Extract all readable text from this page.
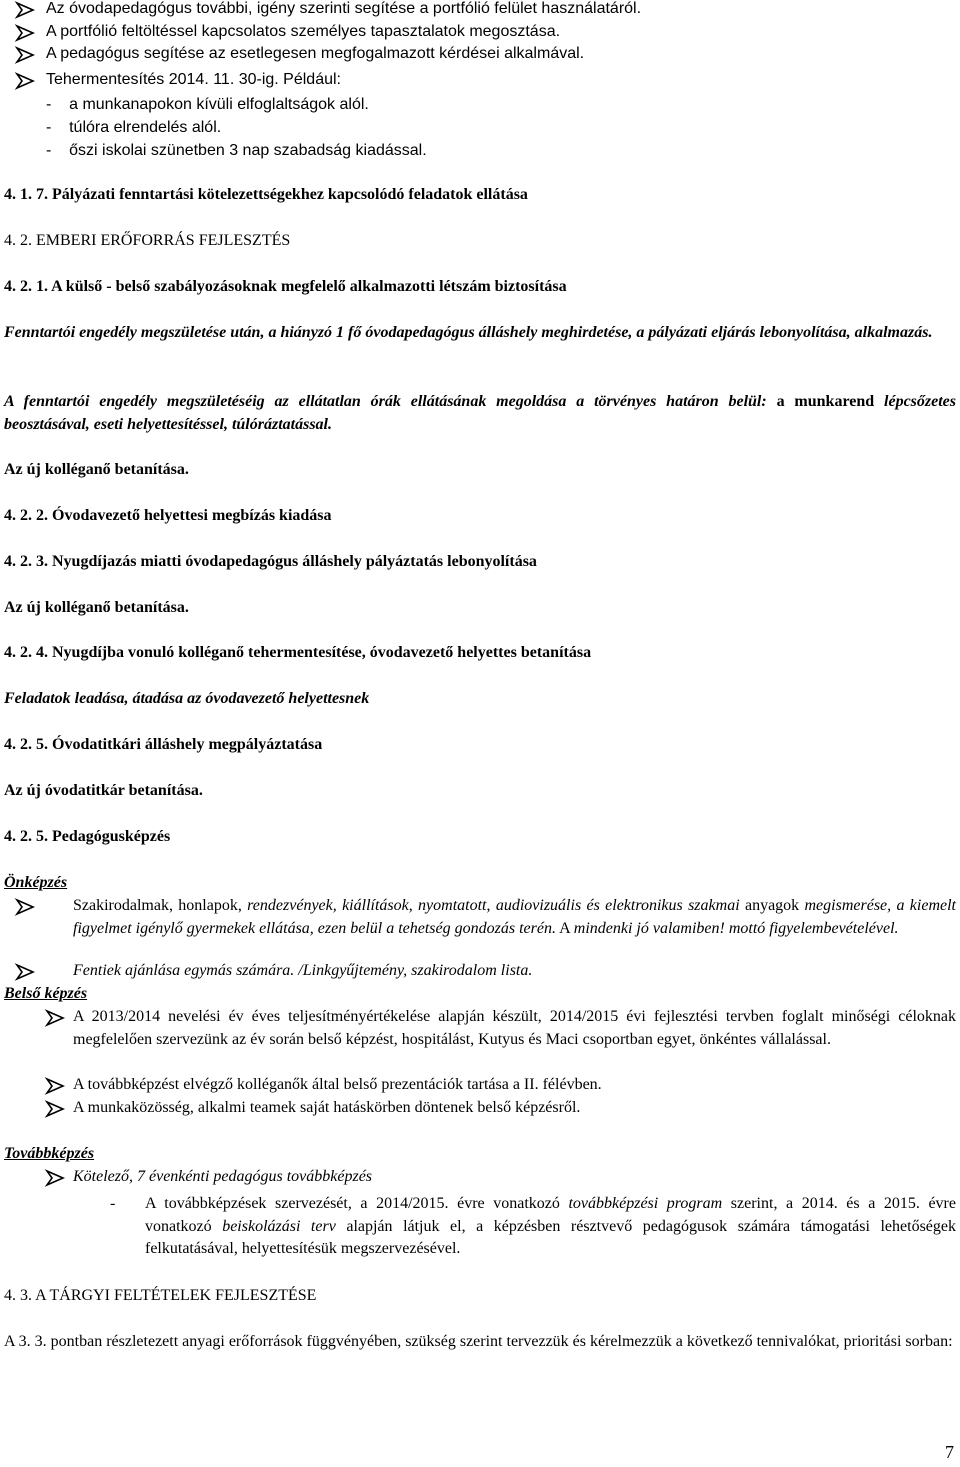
Az óvodapedagógus további, igény szerinti segítése a portfólió felület használatáról.

A portfólió feltöltéssel kapcsolatos személyes tapasztalatok megosztása.

A pedagógus segítése az esetlegesen megfogalmazott kérdései alkalmával.

Tehermentesítés 2014. 11. 30-ig. Például:

-    a munkanapokon kívüli elfoglaltságok alól.

-    túlóra elrendelés alól.

-    őszi iskolai szünetben 3 nap szabadság kiadással.

4. 1. 7. Pályázati fenntartási kötelezettségekhez kapcsolódó feladatok ellátása

4. 2. EMBERI ERŐFORRÁS FEJLESZTÉS

4. 2. 1. A külső - belső szabályozásoknak megfelelő alkalmazotti létszám biztosítása

Fenntartói engedély megszületése után, a hiányzó 1 fő óvodapedagógus álláshely meghirdetése, a pályázati eljárás lebonyolítása, alkalmazás.

A fenntartói engedély megszületéséig az ellátatlan órák ellátásának megoldása a törvényes határon belül: a munkarend lépcsőzetes beosztásával, eseti helyettesítéssel, túlóráztatással.

Az új kolléganő betanítása.

4. 2. 2. Óvodavezető helyettesi megbízás kiadása

4. 2. 3. Nyugdíjazás miatti óvodapedagógus álláshely pályáztatás lebonyolítása

Az új kolléganő betanítása.

4. 2. 4. Nyugdíjba vonuló kolléganő tehermentesítése, óvodavezető helyettes betanítása

Feladatok leadása, átadása az óvodavezető helyettesnek

4. 2. 5. Óvodatitkári álláshely megpályáztatása

Az új óvodatitkár betanítása.

4. 2. 5. Pedagógusképzés

Önképzés

Szakirodalmak, honlapok, rendezvények, kiállítások, nyomtatott, audiovizuális és elektronikus szakmai anyagok megismerése, a kiemelt figyelmet igénylő gyermekek ellátása, ezen belül a tehetség gondozás terén. A mindenki jó valamiben! mottó figyelembevételével.

Fentiek ajánlása egymás számára. /Linkgyűjtemény, szakirodalom lista.

Belső képzés

A 2013/2014 nevelési év éves teljesítményértékelése alapján készült, 2014/2015 évi fejlesztési tervben foglalt minőségi céloknak megfelelően szervezünk az év során belső képzést, hospitálást, Kutyus és Maci csoportban egyet, önkéntes vállalással.

A továbbképzést elvégző kolléganők által belső prezentációk tartása a II. félévben.

A munkaközösség, alkalmi teamek saját hatáskörben döntenek belső képzésről.

Továbbképzés

Kötelező, 7 évenkénti pedagógus továbbképzés

- A továbbképzések szervezését, a 2014/2015. évre vonatkozó továbbképzési program szerint, a 2014. és a 2015. évre vonatkozó beiskolázási terv alapján látjuk el, a képzésben résztvevő pedagógusok számára támogatási lehetőségek felkutatásával, helyettesítésük megszervezésével.

4. 3. A TÁRGYI FELTÉTELEK FEJLESZTÉSE

A 3. 3. pontban részletezett anyagi erőforrások függvényében, szükség szerint tervezzük és kérelmezzük a következő tennivalókat, prioritási sorban:

7
